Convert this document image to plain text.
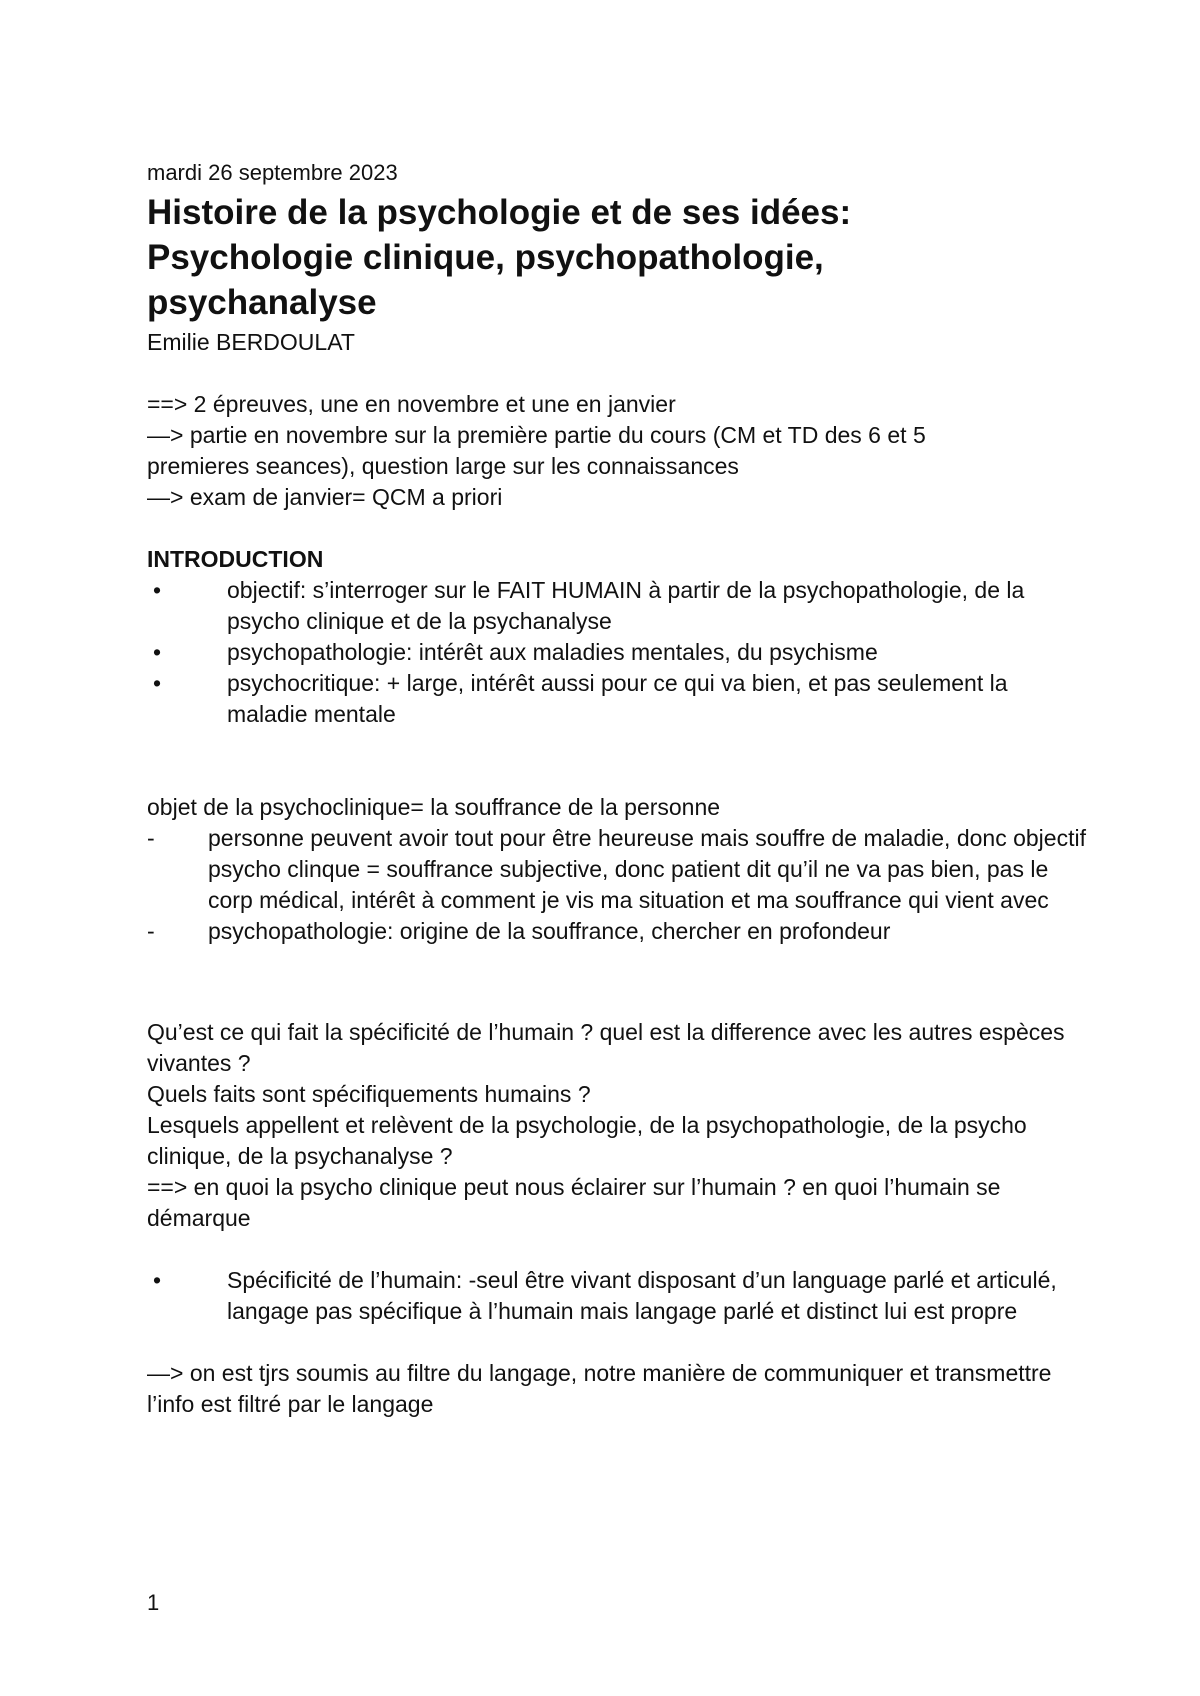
mardi 26 septembre 2023
Histoire de la psychologie et de ses idées:
Psychologie clinique, psychopathologie,
psychanalyse
Emilie BERDOULAT
==> 2 épreuves, une en novembre et une en janvier
—> partie en novembre sur la première partie du cours (CM et TD des 6 et 5
premieres seances), question large sur les connaissances
—> exam de janvier= QCM a priori
INTRODUCTION
•	objectif: s’interroger sur le FAIT HUMAIN à partir de la psychopathologie, de la psycho clinique et de la psychanalyse
•	psychopathologie: intérêt aux maladies mentales, du psychisme
•	psychocritique: + large, intérêt aussi pour ce qui va bien, et pas seulement la maladie mentale
objet de la psychoclinique= la souffrance de la personne
-	personne peuvent avoir tout pour être heureuse mais souffre de maladie, donc objectif psycho clinque = souffrance subjective, donc patient dit qu’il ne va pas bien, pas le corp médical, intérêt à comment je vis ma situation et ma souffrance qui vient avec
-	psychopathologie: origine de la souffrance, chercher en profondeur
Qu’est ce qui fait la spécificité de l’humain ? quel est la difference avec les autres espèces vivantes ?
Quels faits sont spécifiquements humains ?
Lesquels appellent et relèvent de la psychologie, de la psychopathologie, de la psycho clinique, de la psychanalyse ?
==> en quoi la psycho clinique peut nous éclairer sur l’humain ? en quoi l’humain se démarque
•	Spécificité de l’humain: -seul être vivant disposant d’un language parlé et articulé, langage pas spécifique à l’humain mais langage parlé et distinct lui est propre
—> on est tjrs soumis au filtre du langage, notre manière de communiquer et transmettre l’info est filtré par le langage
1
